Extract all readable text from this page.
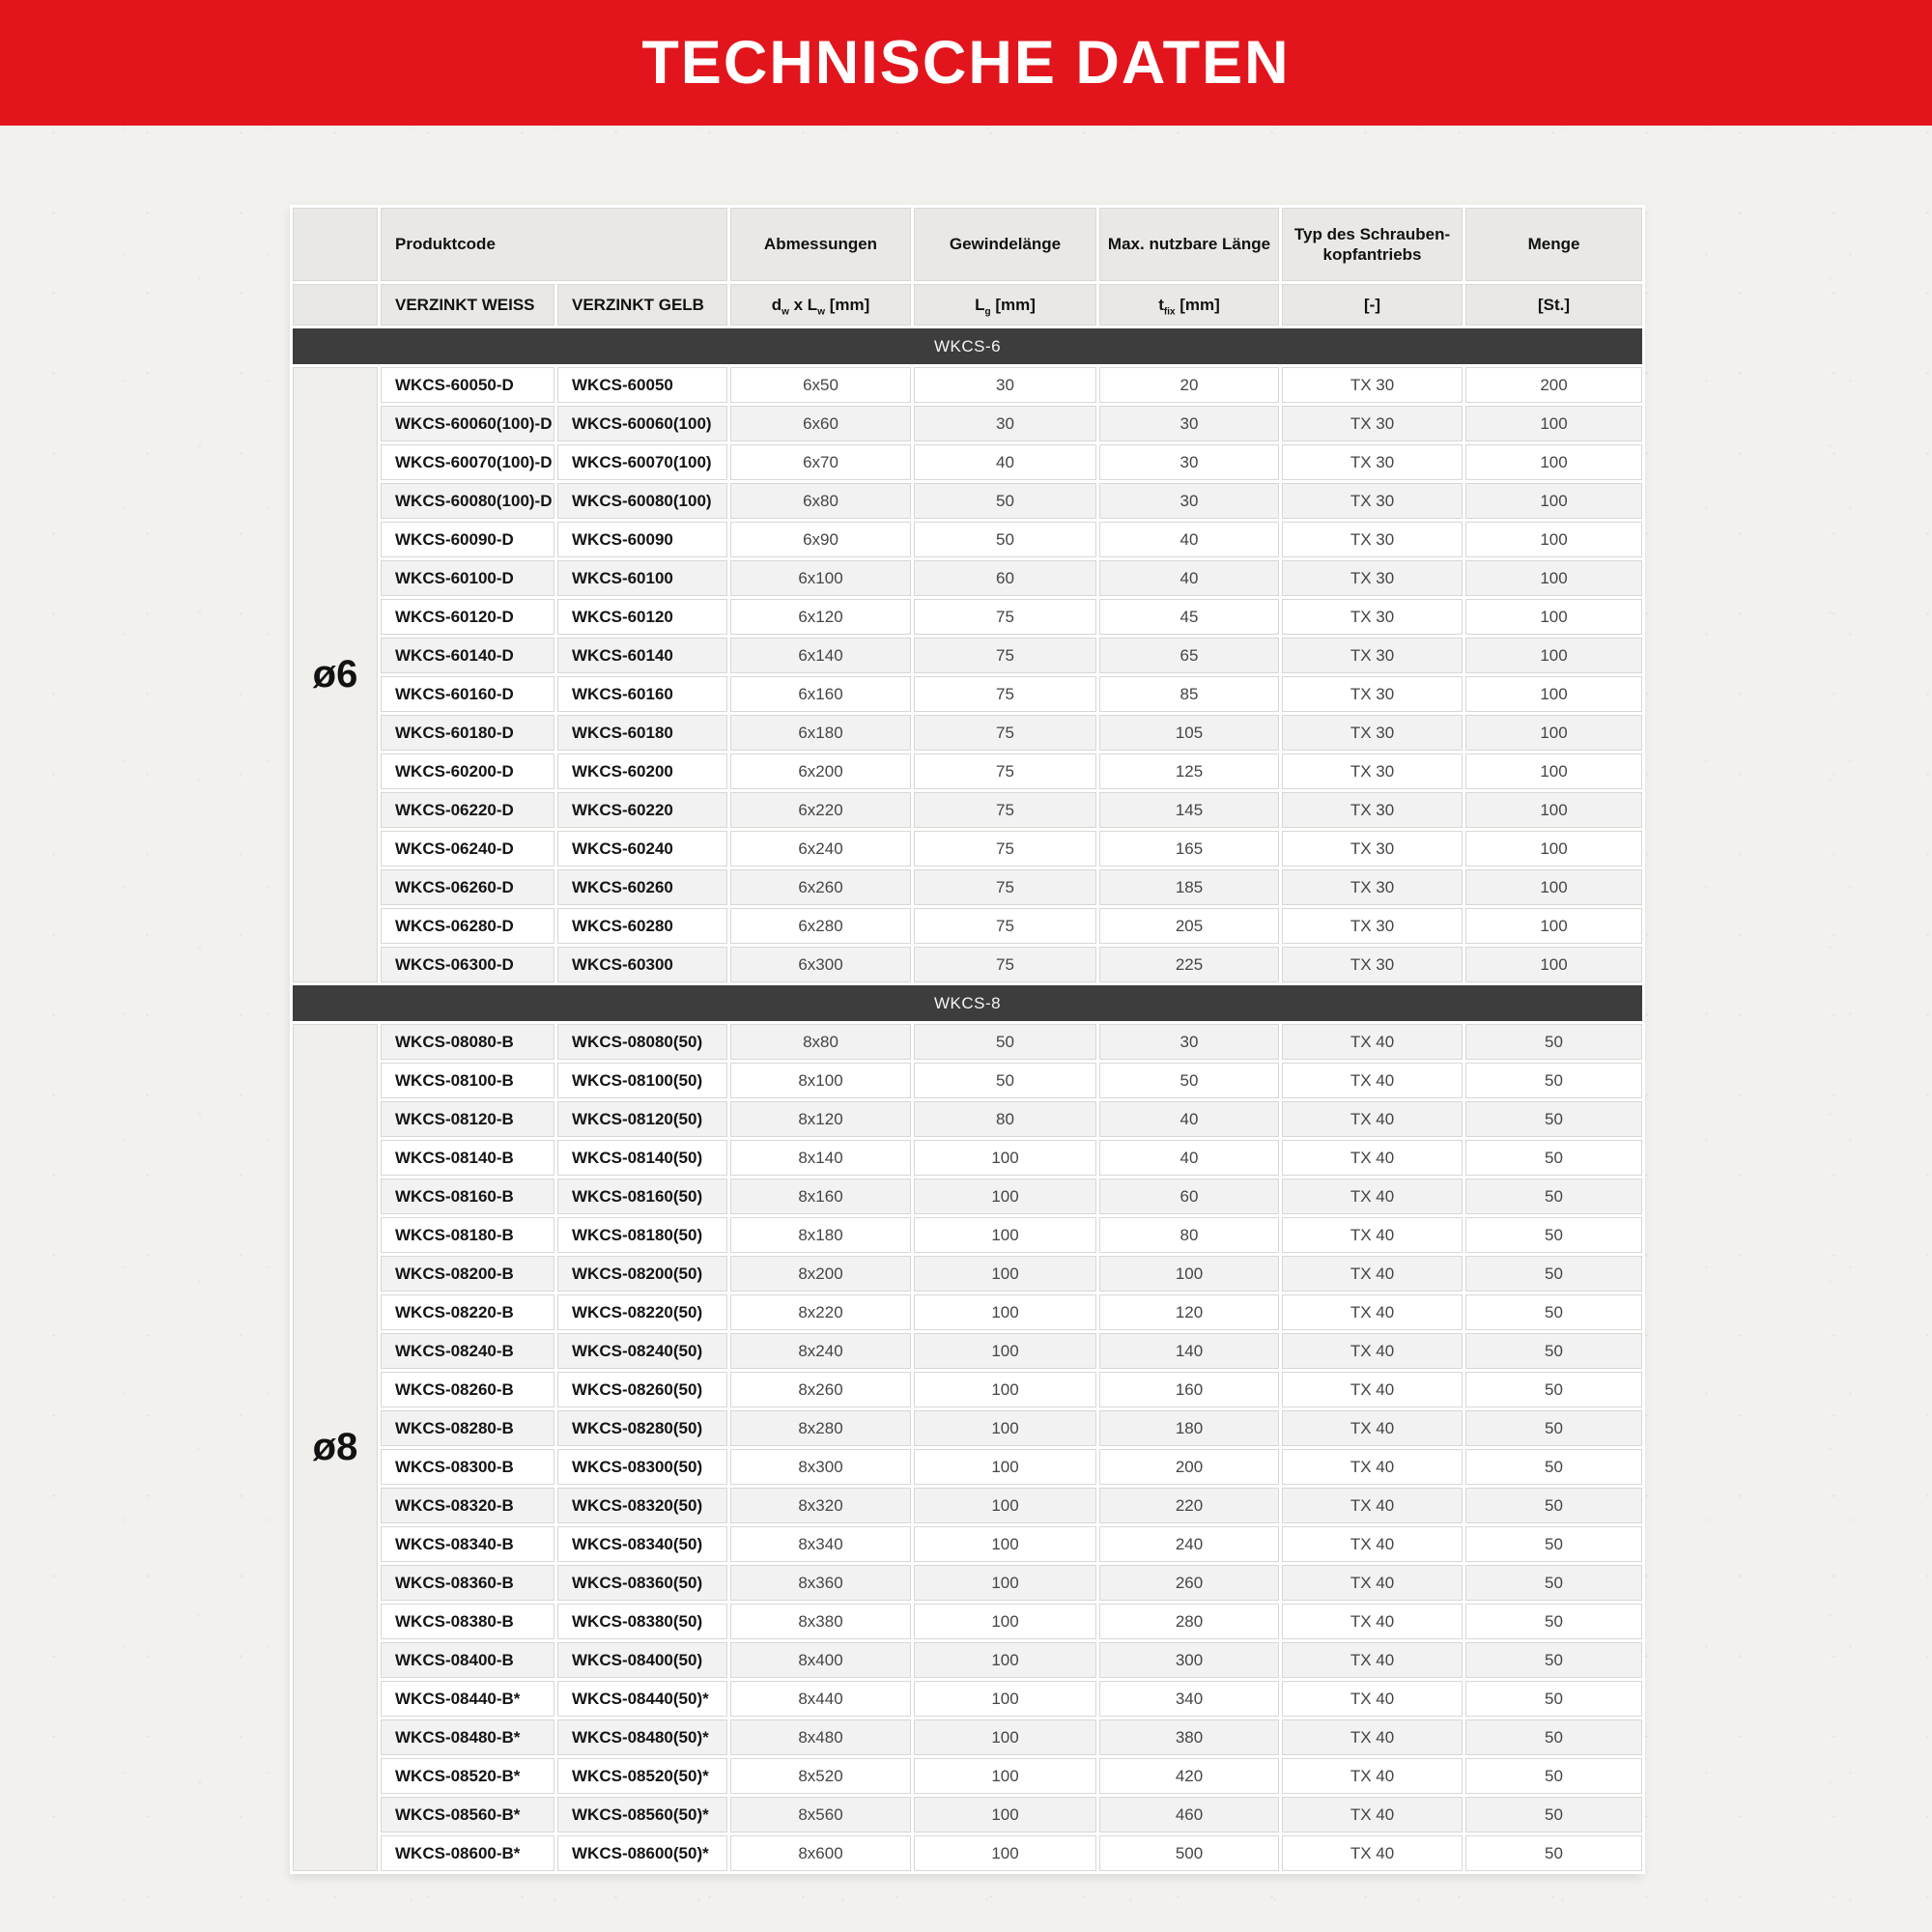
TECHNISCHE DATEN
	Produktcode		Abmessungen	Gewindelänge	Max. nutzbare Länge	Typ des Schrauben-
kopfantriebs	Menge
	VERZINKT WEISS	VERZINKT GELB	$d_w$ x $L_w$ [mm]	$L_g$ [mm]	$t_{fix}$ [mm]	[-]	[St.]
WKCS-6							
ø6	WKCS-60050-D	WKCS-60050	6x50	30	20	TX 30	200
	WKCS-60060(100)-D	WKCS-60060(100)	6x60	30	30	TX 30	100
	WKCS-60070(100)-D	WKCS-60070(100)	6x70	40	30	TX 30	100
	WKCS-60080(100)-D	WKCS-60080(100)	6x80	50	30	TX 30	100
	WKCS-60090-D	WKCS-60090	6x90	50	40	TX 30	100
	WKCS-60100-D	WKCS-60100	6x100	60	40	TX 30	100
	WKCS-60120-D	WKCS-60120	6x120	75	45	TX 30	100
	WKCS-60140-D	WKCS-60140	6x140	75	65	TX 30	100
	WKCS-60160-D	WKCS-60160	6x160	75	85	TX 30	100
	WKCS-60180-D	WKCS-60180	6x180	75	105	TX 30	100
	WKCS-60200-D	WKCS-60200	6x200	75	125	TX 30	100
	WKCS-06220-D	WKCS-60220	6x220	75	145	TX 30	100
	WKCS-06240-D	WKCS-60240	6x240	75	165	TX 30	100
	WKCS-06260-D	WKCS-60260	6x260	75	185	TX 30	100
	WKCS-06280-D	WKCS-60280	6x280	75	205	TX 30	100
	WKCS-06300-D	WKCS-60300	6x300	75	225	TX 30	100
WKCS-8							
ø8	WKCS-08080-B	WKCS-08080(50)	8x80	50	30	TX 40	50
	WKCS-08100-B	WKCS-08100(50)	8x100	50	50	TX 40	50
	WKCS-08120-B	WKCS-08120(50)	8x120	80	40	TX 40	50
	WKCS-08140-B	WKCS-08140(50)	8x140	100	40	TX 40	50
	WKCS-08160-B	WKCS-08160(50)	8x160	100	60	TX 40	50
	WKCS-08180-B	WKCS-08180(50)	8x180	100	80	TX 40	50
	WKCS-08200-B	WKCS-08200(50)	8x200	100	100	TX 40	50
	WKCS-08220-B	WKCS-08220(50)	8x220	100	120	TX 40	50
	WKCS-08240-B	WKCS-08240(50)	8x240	100	140	TX 40	50
	WKCS-08260-B	WKCS-08260(50)	8x260	100	160	TX 40	50
	WKCS-08280-B	WKCS-08280(50)	8x280	100	180	TX 40	50
	WKCS-08300-B	WKCS-08300(50)	8x300	100	200	TX 40	50
	WKCS-08320-B	WKCS-08320(50)	8x320	100	220	TX 40	50
	WKCS-08340-B	WKCS-08340(50)	8x340	100	240	TX 40	50
	WKCS-08360-B	WKCS-08360(50)	8x360	100	260	TX 40	50
	WKCS-08380-B	WKCS-08380(50)	8x380	100	280	TX 40	50
	WKCS-08400-B	WKCS-08400(50)	8x400	100	300	TX 40	50
	WKCS-08440-B*	WKCS-08440(50)*	8x440	100	340	TX 40	50
	WKCS-08480-B*	WKCS-08480(50)*	8x480	100	380	TX 40	50
	WKCS-08520-B*	WKCS-08520(50)*	8x520	100	420	TX 40	50
	WKCS-08560-B*	WKCS-08560(50)*	8x560	100	460	TX 40	50
	WKCS-08600-B*	WKCS-08600(50)*	8x600	100	500	TX 40	50
